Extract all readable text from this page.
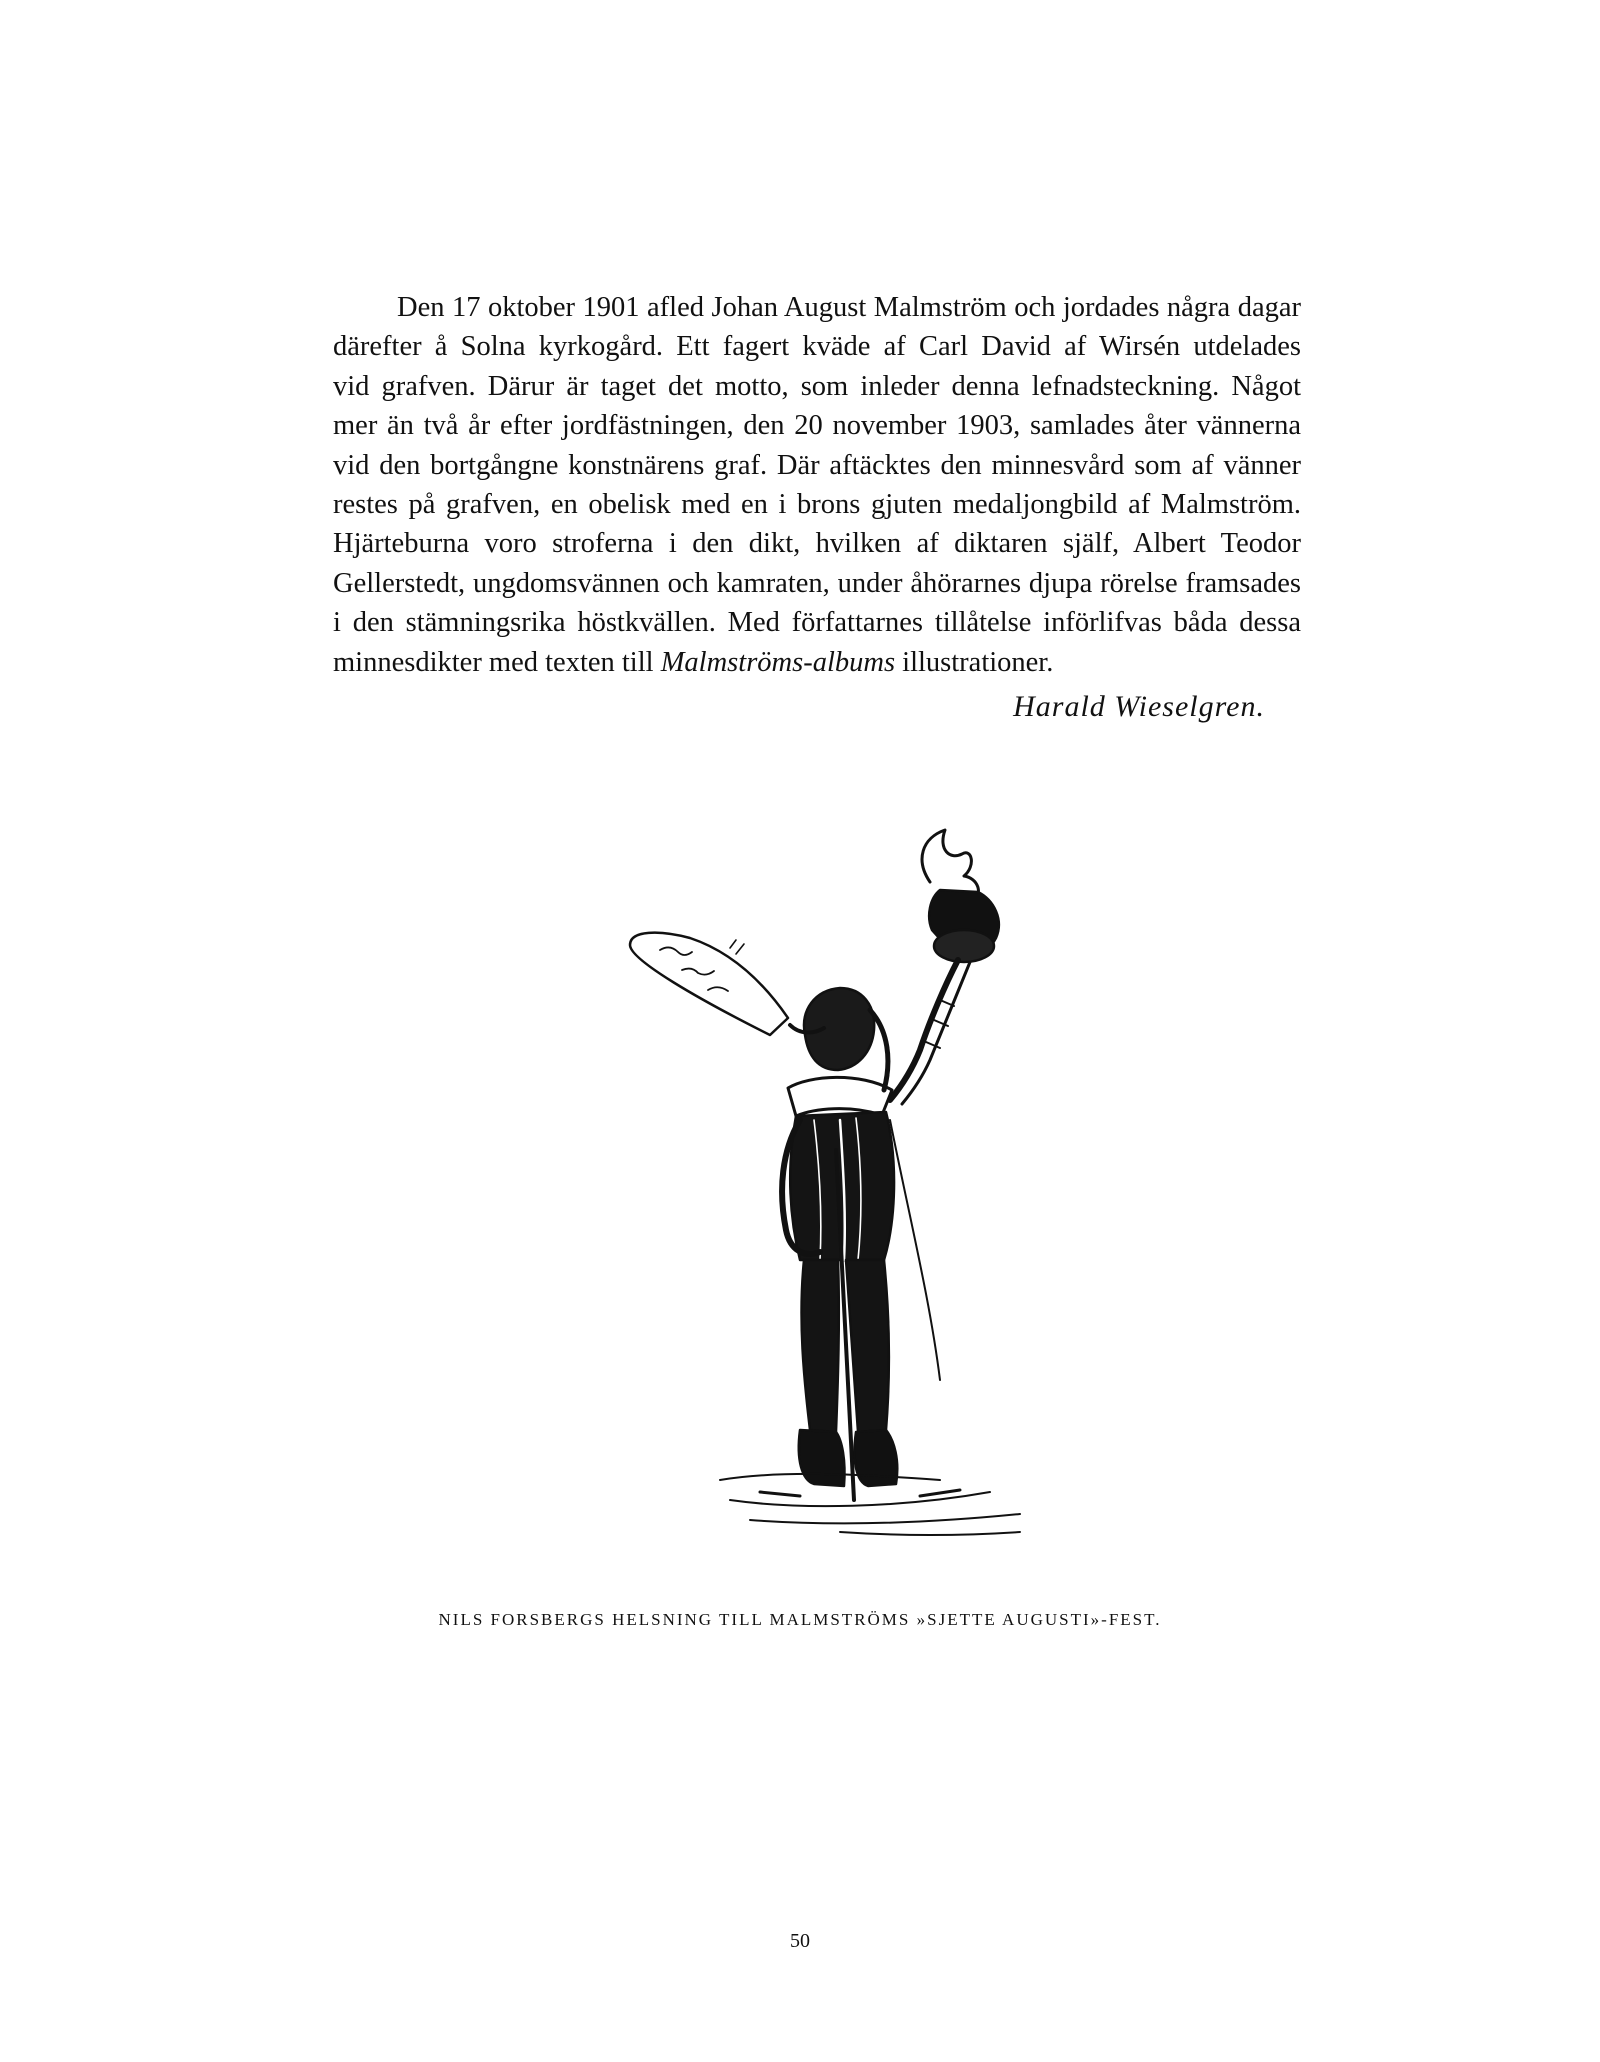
Den 17 oktober 1901 afled Johan August Malmström och jordades några dagar
därefter å Solna kyrkogård. Ett fagert kväde af Carl David af Wirsén utdelades
vid grafven. Därur är taget det motto, som inleder denna lefnadsteckning. Något
mer än två år efter jordfästningen, den 20 november 1903, samlades åter vännerna
vid den bortgångne konstnärens graf. Där aftäcktes den minnesvård som af vänner
restes på grafven, en obelisk med en i brons gjuten medaljongbild af Malmström.
Hjärteburna voro stroferna i den dikt, hvilken af diktaren själf, Albert Teodor
Gellerstedt, ungdomsvännen och kamraten, under åhörarnes djupa rörelse framsades
i den stämningsrika höstkvällen. Med författarnes tillåtelse införlifvas båda dessa
minnesdikter med texten till Malmströms-albums illustrationer.

Harald Wieselgren.
NILS FORSBERGS HELSNING TILL MALMSTRÖMS »SJETTE AUGUSTI»-FEST.
50
